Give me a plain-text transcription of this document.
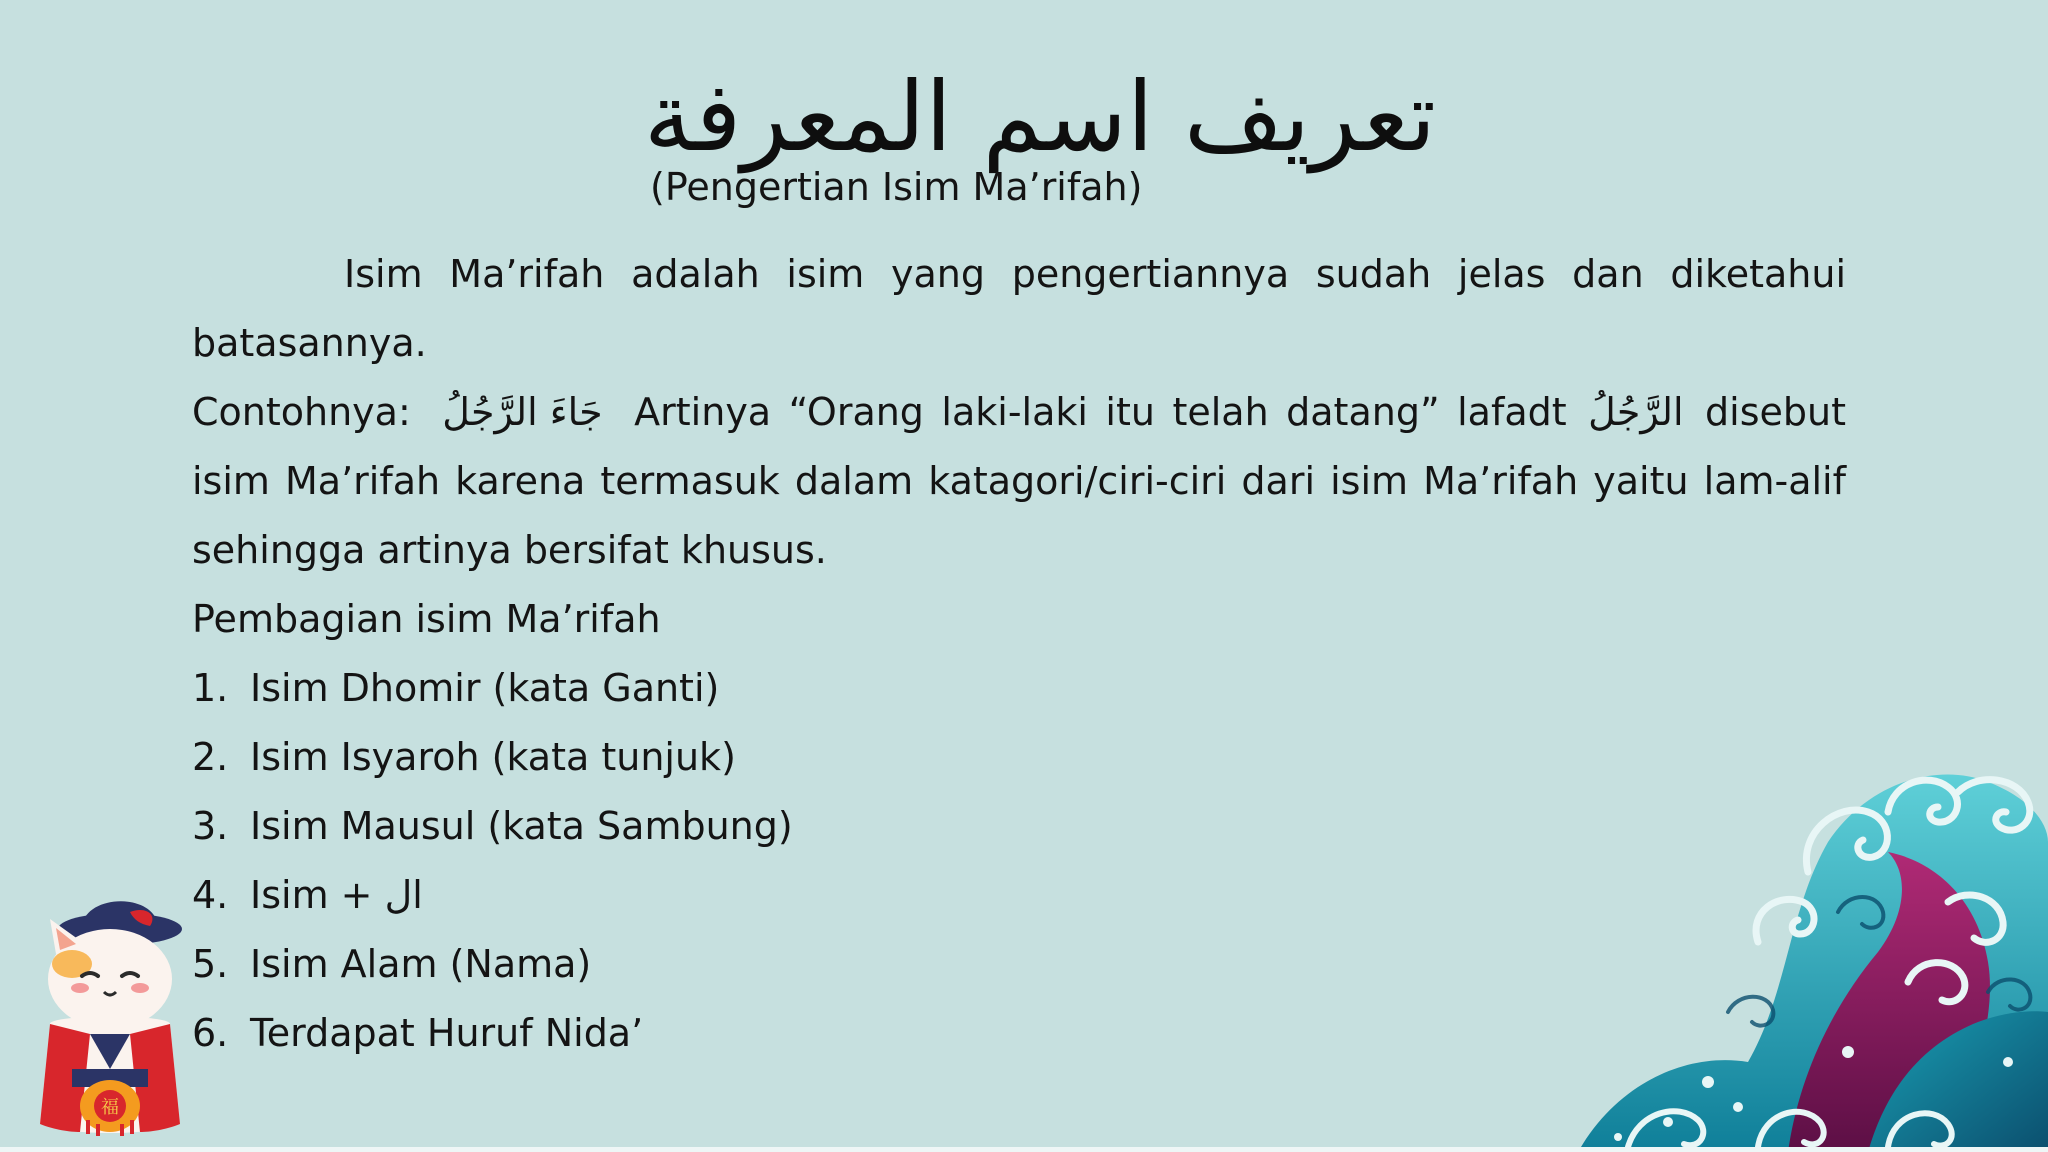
تعريف اسم المعرفة
(Pengertian Isim Ma’rifah)

Isim Ma’rifah adalah isim yang pengertiannya sudah jelas dan diketahui batasannya.

Contohnya: جَاءَ الرَّجُلُ Artinya “Orang laki-laki itu telah datang” lafadt الرَّجُلُ disebut isim Ma’rifah karena termasuk dalam katagori/ciri-ciri dari isim Ma’rifah yaitu lam-alif sehingga artinya bersifat khusus.

Pembagian isim Ma’rifah
1. Isim Dhomir (kata Ganti)
2. Isim Isyaroh (kata tunjuk)
3. Isim Mausul (kata Sambung)
4. Isim + ال
5. Isim Alam (Nama)
6. Terdapat Huruf Nida’
福
